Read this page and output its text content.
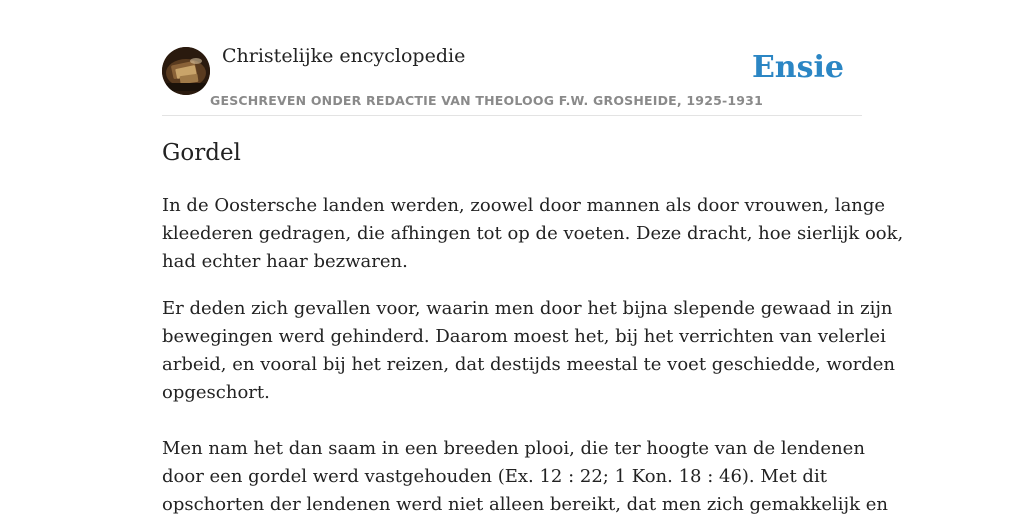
Christelijke encyclopedie
GESCHREVEN ONDER REDACTIE VAN THEOLOOG F.W. GROSHEIDE, 1925-1931
Ensie
Gordel

In de Oostersche landen werden, zoowel door mannen als door vrouwen, lange
kleederen gedragen, die afhingen tot op de voeten. Deze dracht, hoe sierlijk ook,
had echter haar bezwaren.

Er deden zich gevallen voor, waarin men door het bijna slepende gewaad in zijn
bewegingen werd gehinderd. Daarom moest het, bij het verrichten van velerlei
arbeid, en vooral bij het reizen, dat destijds meestal te voet geschiedde, worden
opgeschort.

Men nam het dan saam in een breeden plooi, die ter hoogte van de lendenen
door een gordel werd vastgehouden (Ex. 12 : 22; 1 Kon. 18 : 46). Met dit
opschorten der lendenen werd niet alleen bereikt, dat men zich gemakkelijk en
